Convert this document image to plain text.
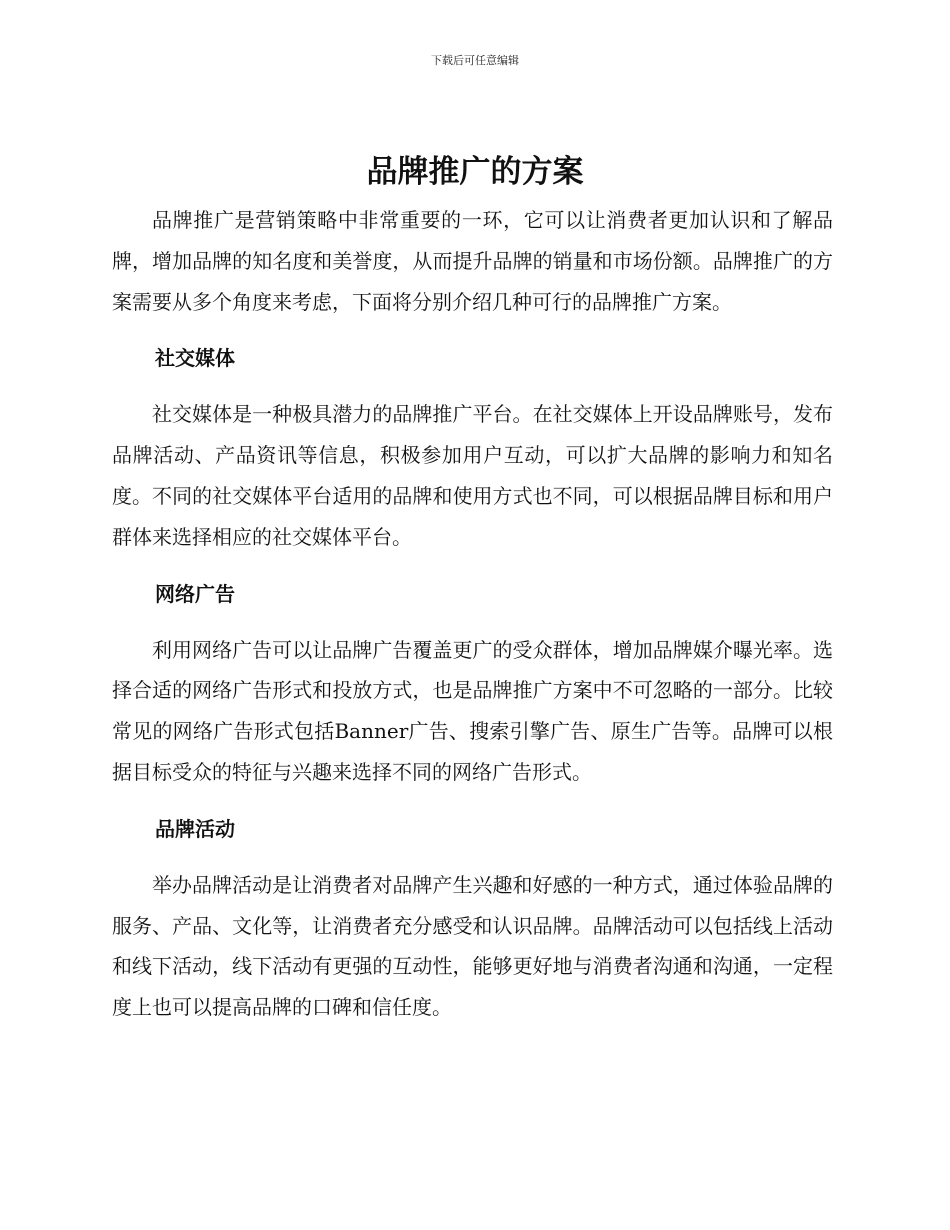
下载后可任意编辑
品牌推广的方案

品牌推广是营销策略中非常重要的一环，它可以让消费者更加认识和了解品牌，增加品牌的知名度和美誉度，从而提升品牌的销量和市场份额。品牌推广的方案需要从多个角度来考虑，下面将分别介绍几种可行的品牌推广方案。

社交媒体

社交媒体是一种极具潜力的品牌推广平台。在社交媒体上开设品牌账号，发布品牌活动、产品资讯等信息，积极参加用户互动，可以扩大品牌的影响力和知名度。不同的社交媒体平台适用的品牌和使用方式也不同，可以根据品牌目标和用户群体来选择相应的社交媒体平台。

网络广告

利用网络广告可以让品牌广告覆盖更广的受众群体，增加品牌媒介曝光率。选择合适的网络广告形式和投放方式，也是品牌推广方案中不可忽略的一部分。比较常见的网络广告形式包括Banner广告、搜索引擎广告、原生广告等。品牌可以根据目标受众的特征与兴趣来选择不同的网络广告形式。

品牌活动

举办品牌活动是让消费者对品牌产生兴趣和好感的一种方式，通过体验品牌的服务、产品、文化等，让消费者充分感受和认识品牌。品牌活动可以包括线上活动和线下活动，线下活动有更强的互动性，能够更好地与消费者沟通和沟通，一定程度上也可以提高品牌的口碑和信任度。
